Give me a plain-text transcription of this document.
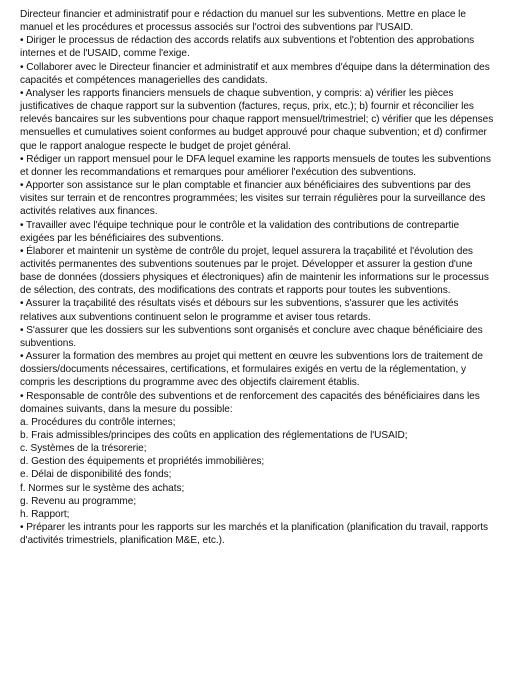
Directeur financier et administratif pour e rédaction du manuel sur les subventions. Mettre en place le manuel et les procédures et processus associés sur l'octroi des subventions par l'USAID.

• Diriger le processus de rédaction des accords relatifs aux subventions et l'obtention des approbations internes et de l'USAID, comme l'exige.

• Collaborer avec le Directeur financier et administratif et aux membres d'équipe dans la détermination des capacités et compétences managerielles des candidats.

• Analyser les rapports financiers mensuels de chaque subvention, y compris: a) vérifier les pièces justificatives de chaque rapport sur la subvention (factures, reçus, prix, etc.); b) fournir et réconcilier les relevés bancaires sur les subventions pour chaque rapport mensuel/trimestriel; c) vérifier que les dépenses mensuelles et cumulatives soient conformes au budget approuvé pour chaque subvention; et d) confirmer que le rapport analogue respecte le budget de projet général.

• Rédiger un rapport mensuel pour le DFA lequel examine les rapports mensuels de toutes les subventions et donner les recommandations et remarques pour améliorer l'exécution des subventions.

• Apporter son assistance sur le plan comptable et financier aux bénéficiaires des subventions par des visites sur terrain et de rencontres programmées; les visites sur terrain régulières pour la surveillance des activités relatives aux finances.

• Travailler avec l'équipe technique pour le contrôle et la validation des contributions de contrepartie exigées par les bénéficiaires des subventions.

• Élaborer et maintenir un système de contrôle du projet, lequel assurera la traçabilité et l'évolution des activités permanentes des subventions soutenues par le projet. Développer et assurer la gestion d'une base de données (dossiers physiques et électroniques) afin de maintenir les informations sur le processus de sélection, des contrats, des modifications des contrats et rapports pour toutes les subventions.

• Assurer la traçabilité des résultats visés et débours sur les subventions, s'assurer que les activités relatives aux subventions continuent selon le programme et aviser tous retards.

• S'assurer que les dossiers sur les subventions sont organisés et conclure avec chaque bénéficiaire des subventions.

• Assurer la formation des membres au projet qui mettent en œuvre les subventions lors de traitement de dossiers/documents nécessaires, certifications, et formulaires exigés en vertu de la réglementation, y compris les descriptions du programme avec des objectifs clairement établis.

• Responsable de contrôle des subventions et de renforcement des capacités des bénéficiaires dans les domaines suivants, dans la mesure du possible:

a. Procédures du contrôle internes;

b. Frais admissibles/principes des coûts en application des réglementations de l'USAID;

c. Systèmes de la trésorerie;

d. Gestion des équipements et propriétés immobilières;

e. Délai de disponibilité des fonds;

f. Normes sur le système des achats;

g. Revenu au programme;

h. Rapport;

• Préparer les intrants pour les rapports sur les marchés et la planification (planification du travail, rapports d'activités trimestriels, planification M&E, etc.).
